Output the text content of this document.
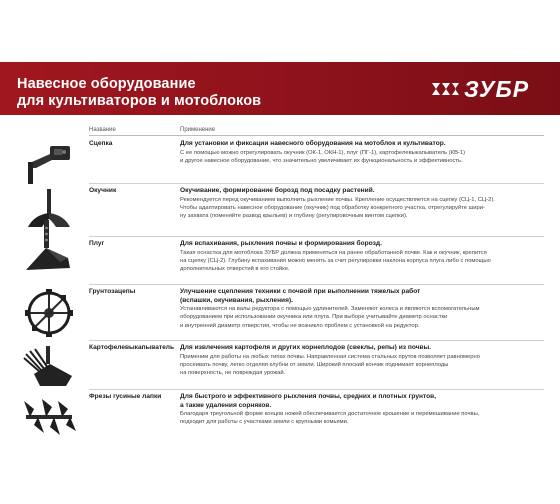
Навесное оборудование
для культиваторов и мотоблоков	ЗУБР
Название	Применение
Сцепка	Для установки и фиксации навесного оборудования на мотоблок и культиватор.
С ее помощью можно отрегулировать окучник (ОК-1, ОКН-1), плуг (ПГ-1), картофелевыкапыватель (КВ-1)
и другое навесное оборудование, что значительно увеличивает их функциональность и эффективность.
Окучник	Окучивание, формирование борозд под посадку растений.
Рекомендуется перед окучиванием выполнить рыхление почвы. Крепление осуществляется на сцепку (СЦ-1, СЦ-2).
Чтобы адаптировать навесное оборудование (окучник) под обработку конкретного участка, отрегулируйте шири-
ну захвата (поменяйте развод крыльев) и глубину (регулировочным винтом сцепки).
Плуг	Для вспахивания, рыхления почвы и формирования борозд.
Такая оснастка для мотоблока ЗУБР должна применяться на ранее обработанной почве. Как и окучник, крепится
на сцепку (СЦ-2). Глубину вспахивания можно менять за счет регулировки наклона корпуса плуга либо с помощью
дополнительных отверстий в его стойке.
Грунтозацепы	Улучшение сцепления техники с почвой при выполнении тяжелых работ
(вспашки, окучивания, рыхления).
Устанавливаются на валы редуктора с помощью удлинителей. Заменяют колеса и являются вспомогательным
оборудованием при использовании окучника или плуга. При выборе учитывайте диаметр оснастки
и внутренний диаметр отверстия, чтобы не возникло проблем с установкой на редуктор.
Картофелевыкапыватель Для извлечения картофеля и других корнеплодов (свеклы, репы) из почвы.
Применим для работы на любых типах почвы. Направленная система стальных прутов позволяет равномерно
просеивать почву, легко отделяя клубни от земли. Широкий плоский кончик поднимает корнеплоды
на поверхность, не повреждая урожай.
Фрезы гусиные лапки	Для быстрого и эффективного рыхления почвы, средних и плотных грунтов,
а также удаления сорняков.
Благодаря треугольной форме концов ножей обеспечивается достаточное крошение и перемешивание почвы,
подходит для работы с участками земли с крупными комьями.
